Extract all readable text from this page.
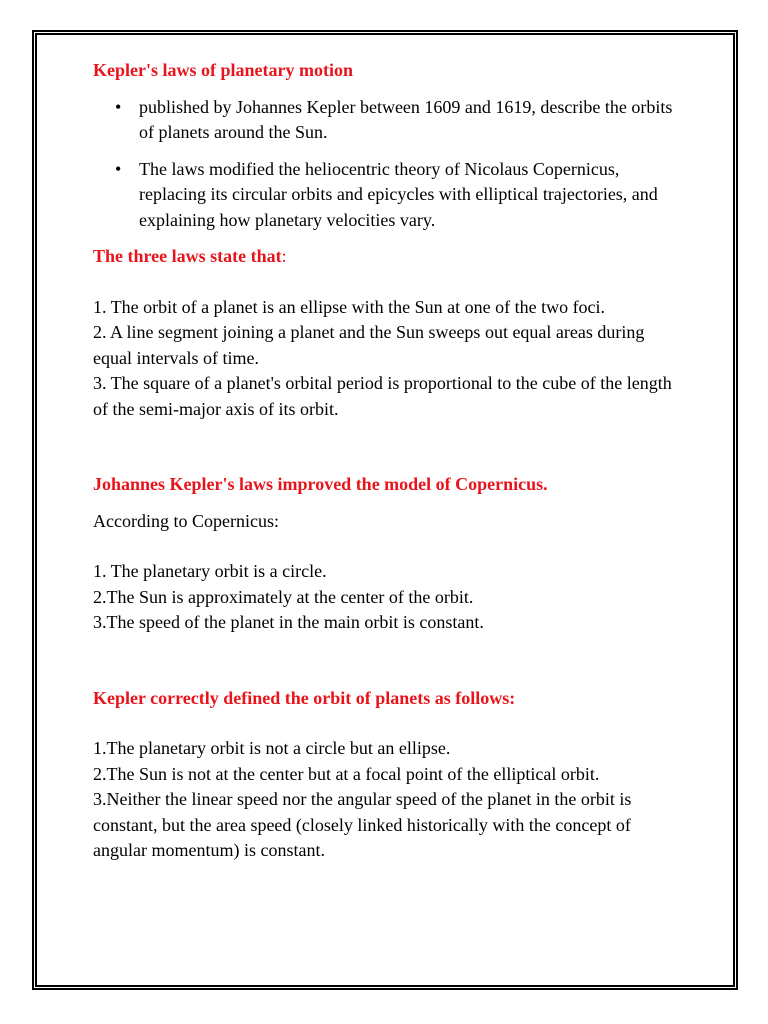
Kepler's laws of planetary motion

• published by Johannes Kepler between 1609 and 1619, describe the orbits of planets around the Sun.
• The laws modified the heliocentric theory of Nicolaus Copernicus, replacing its circular orbits and epicycles with elliptical trajectories, and explaining how planetary velocities vary.

The three laws state that:

1. The orbit of a planet is an ellipse with the Sun at one of the two foci.

2. A line segment joining a planet and the Sun sweeps out equal areas during equal intervals of time.

3. The square of a planet's orbital period is proportional to the cube of the length of the semi-major axis of its orbit.

Johannes Kepler's laws improved the model of Copernicus.

According to Copernicus:

1. The planetary orbit is a circle.

2.The Sun is approximately at the center of the orbit.

3.The speed of the planet in the main orbit is constant.

Kepler correctly defined the orbit of planets as follows:

1.The planetary orbit is not a circle but an ellipse.

2.The Sun is not at the center but at a focal point of the elliptical orbit.

3.Neither the linear speed nor the angular speed of the planet in the orbit is constant, but the area speed (closely linked historically with the concept of angular momentum) is constant.
